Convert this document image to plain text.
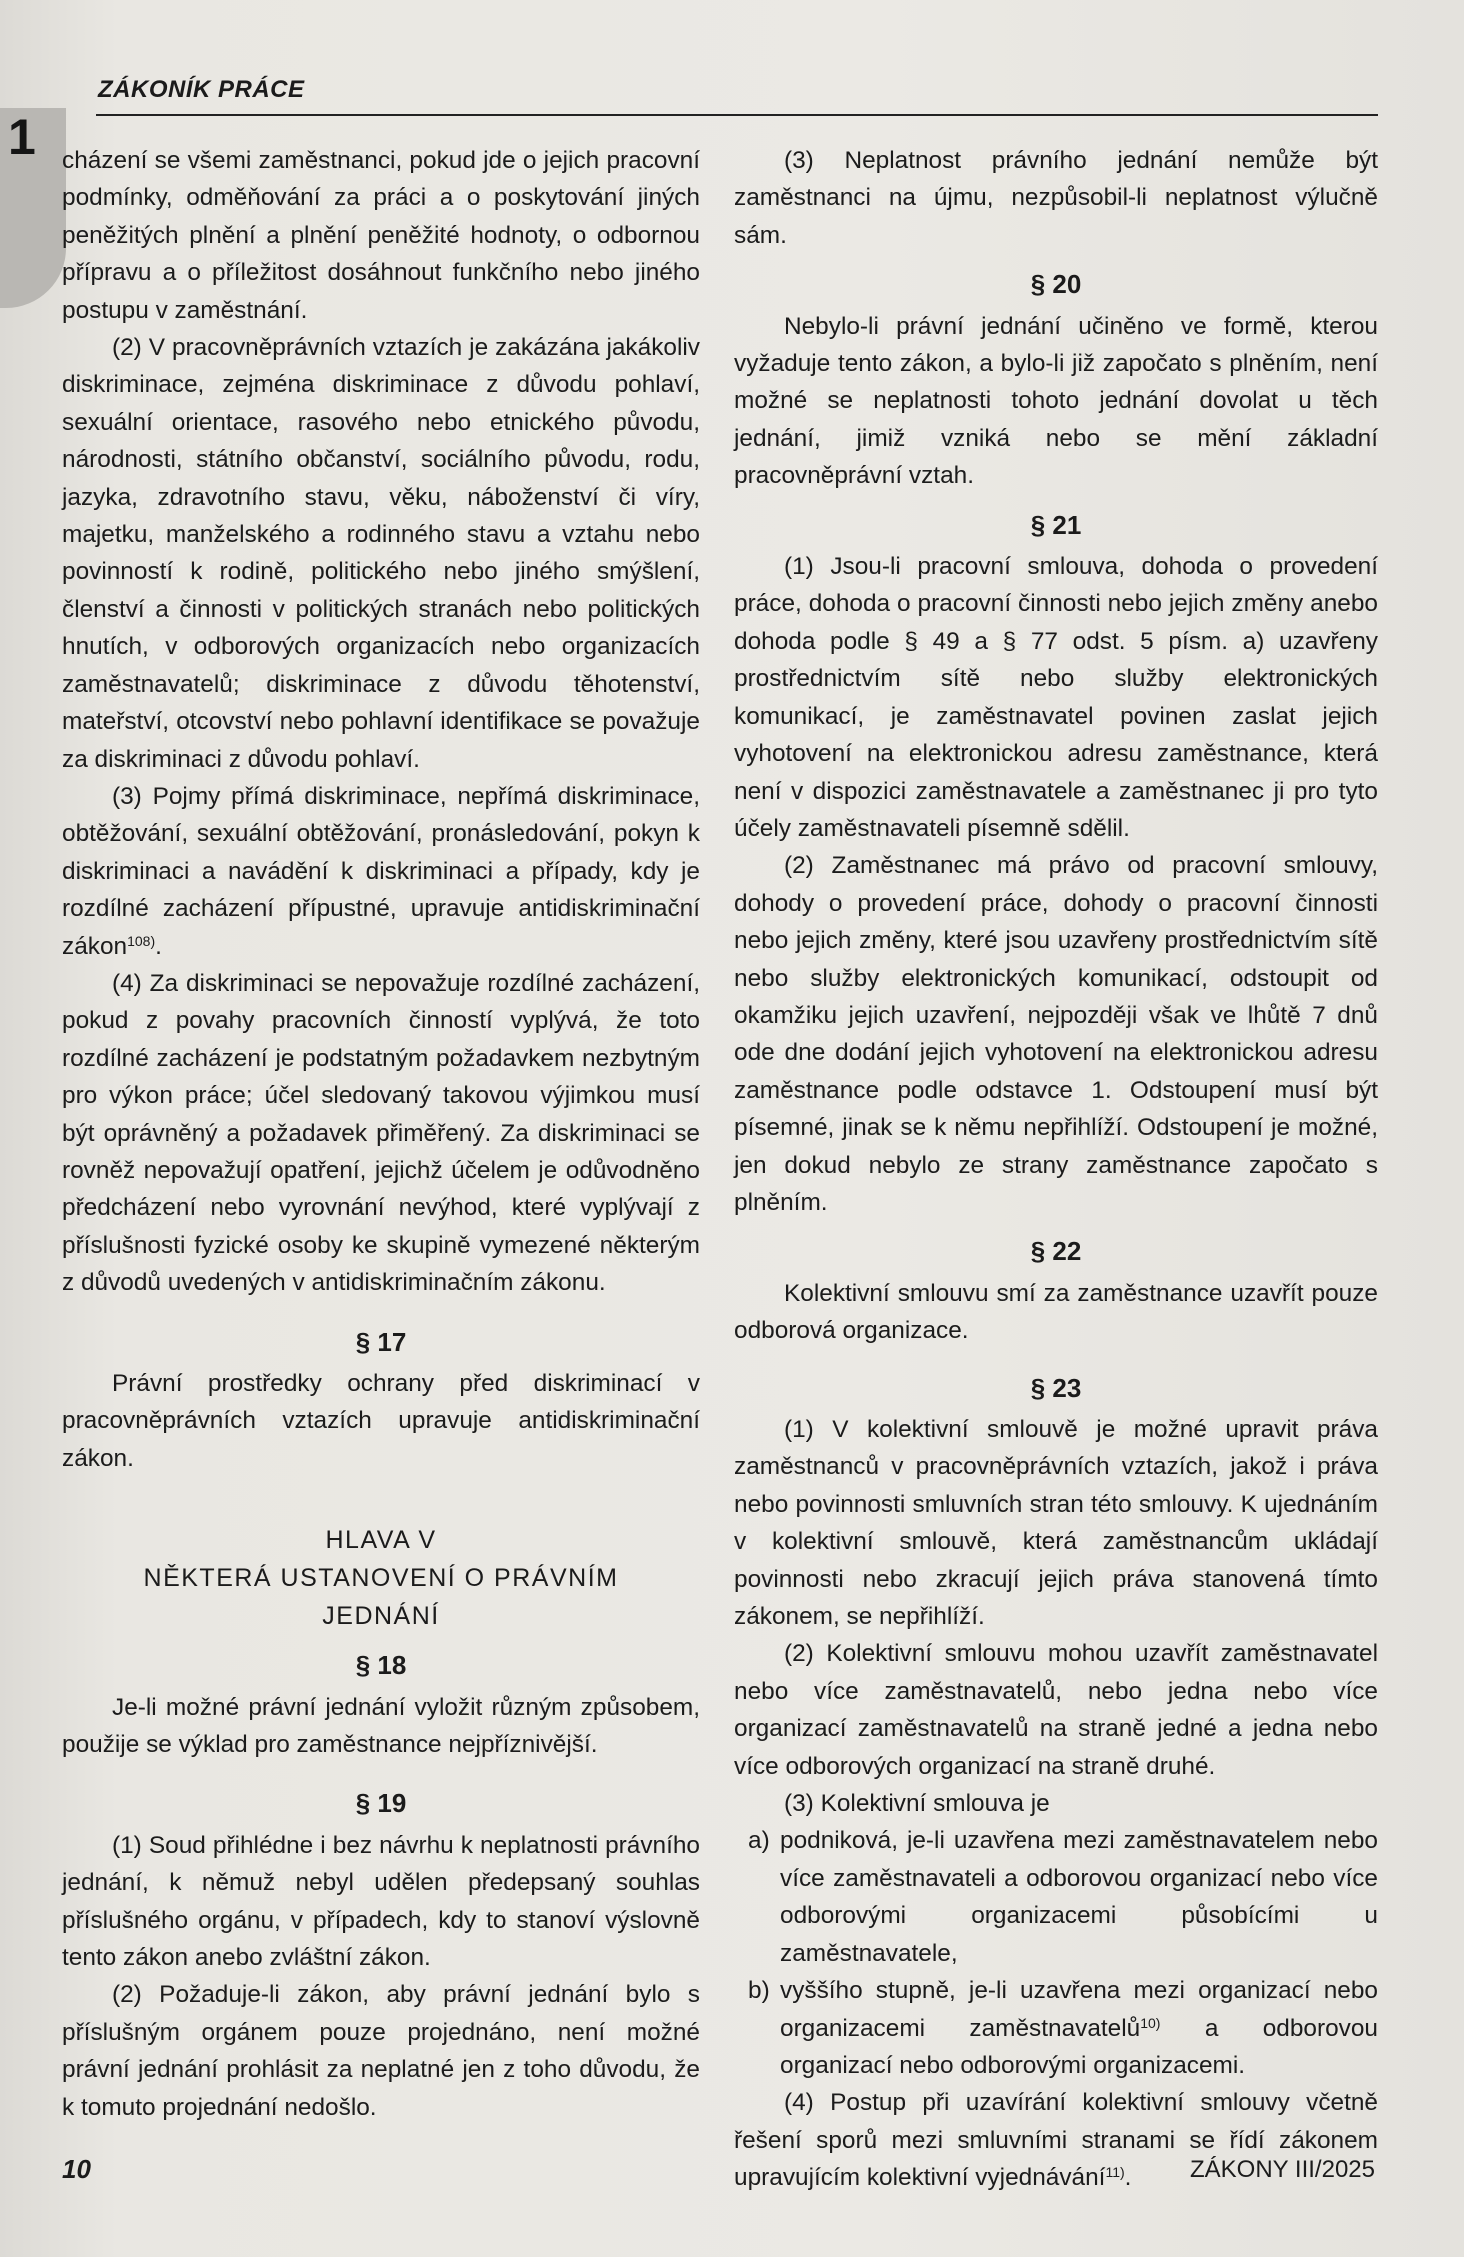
1
ZÁKONÍK PRÁCE

cházení se všemi zaměstnanci, pokud jde o jejich pracovní podmínky, odměňování za práci a o poskytování jiných peněžitých plnění a plnění peněžité hodnoty, o odbornou přípravu a o příležitost dosáhnout funkčního nebo jiného postupu v zaměstnání.

(2) V pracovněprávních vztazích je zakázána jakákoliv diskriminace, zejména diskriminace z důvodu pohlaví, sexuální orientace, rasového nebo etnického původu, národnosti, státního občanství, sociálního původu, rodu, jazyka, zdravotního stavu, věku, náboženství či víry, majetku, manželského a rodinného stavu a vztahu nebo povinností k rodině, politického nebo jiného smýšlení, členství a činnosti v politických stranách nebo politických hnutích, v odborových organizacích nebo organizacích zaměstnavatelů; diskriminace z důvodu těhotenství, mateřství, otcovství nebo pohlavní identifikace se považuje za diskriminaci z důvodu pohlaví.

(3) Pojmy přímá diskriminace, nepřímá diskriminace, obtěžování, sexuální obtěžování, pronásledování, pokyn k diskriminaci a navádění k diskriminaci a případy, kdy je rozdílné zacházení přípustné, upravuje antidiskriminační zákon$^{108)}$.

(4) Za diskriminaci se nepovažuje rozdílné zacházení, pokud z povahy pracovních činností vyplývá, že toto rozdílné zacházení je podstatným požadavkem nezbytným pro výkon práce; účel sledovaný takovou výjimkou musí být oprávněný a požadavek přiměřený. Za diskriminaci se rovněž nepovažují opatření, jejichž účelem je odůvodněno předcházení nebo vyrovnání nevýhod, které vyplývají z příslušnosti fyzické osoby ke skupině vymezené některým z důvodů uvedených v antidiskriminačním zákonu.

§ 17

Právní prostředky ochrany před diskriminací v pracovněprávních vztazích upravuje antidiskriminační zákon.

HLAVA V
NĚKTERÁ USTANOVENÍ O PRÁVNÍM
JEDNÁNÍ

§ 18

Je-li možné právní jednání vyložit různým způsobem, použije se výklad pro zaměstnance nejpříznivější.

§ 19

(1) Soud přihlédne i bez návrhu k neplatnosti právního jednání, k němuž nebyl udělen předepsaný souhlas příslušného orgánu, v případech, kdy to stanoví výslovně tento zákon anebo zvláštní zákon.

(2) Požaduje-li zákon, aby právní jednání bylo s příslušným orgánem pouze projednáno, není možné právní jednání prohlásit za neplatné jen z toho důvodu, že k tomuto projednání nedošlo.

(3) Neplatnost právního jednání nemůže být zaměstnanci na újmu, nezpůsobil-li neplatnost výlučně sám.

§ 20

Nebylo-li právní jednání učiněno ve formě, kterou vyžaduje tento zákon, a bylo-li již započato s plněním, není možné se neplatnosti tohoto jednání dovolat u těch jednání, jimiž vzniká nebo se mění základní pracovněprávní vztah.

§ 21

(1) Jsou-li pracovní smlouva, dohoda o provedení práce, dohoda o pracovní činnosti nebo jejich změny anebo dohoda podle § 49 a § 77 odst. 5 písm. a) uzavřeny prostřednictvím sítě nebo služby elektronických komunikací, je zaměstnavatel povinen zaslat jejich vyhotovení na elektronickou adresu zaměstnance, která není v dispozici zaměstnavatele a zaměstnanec ji pro tyto účely zaměstnavateli písemně sdělil.

(2) Zaměstnanec má právo od pracovní smlouvy, dohody o provedení práce, dohody o pracovní činnosti nebo jejich změny, které jsou uzavřeny prostřednictvím sítě nebo služby elektronických komunikací, odstoupit od okamžiku jejich uzavření, nejpozději však ve lhůtě 7 dnů ode dne dodání jejich vyhotovení na elektronickou adresu zaměstnance podle odstavce 1. Odstoupení musí být písemné, jinak se k němu nepřihlíží. Odstoupení je možné, jen dokud nebylo ze strany zaměstnance započato s plněním.

§ 22

Kolektivní smlouvu smí za zaměstnance uzavřít pouze odborová organizace.

§ 23

(1) V kolektivní smlouvě je možné upravit práva zaměstnanců v pracovněprávních vztazích, jakož i práva nebo povinnosti smluvních stran této smlouvy. K ujednáním v kolektivní smlouvě, která zaměstnancům ukládají povinnosti nebo zkracují jejich práva stanovená tímto zákonem, se nepřihlíží.

(2) Kolektivní smlouvu mohou uzavřít zaměstnavatel nebo více zaměstnavatelů, nebo jedna nebo více organizací zaměstnavatelů na straně jedné a jedna nebo více odborových organizací na straně druhé.

(3) Kolektivní smlouva je

a) podniková, je-li uzavřena mezi zaměstnavatelem nebo více zaměstnavateli a odborovou organizací nebo více odborovými organizacemi působícími u zaměstnavatele,
b) vyššího stupně, je-li uzavřena mezi organizací nebo organizacemi zaměstnavatelů$^{10)}$ a odborovou organizací nebo odborovými organizacemi.

(4) Postup při uzavírání kolektivní smlouvy včetně řešení sporů mezi smluvními stranami se řídí zákonem upravujícím kolektivní vyjednávání$^{11)}$.

10	ZÁKONY III/2025
